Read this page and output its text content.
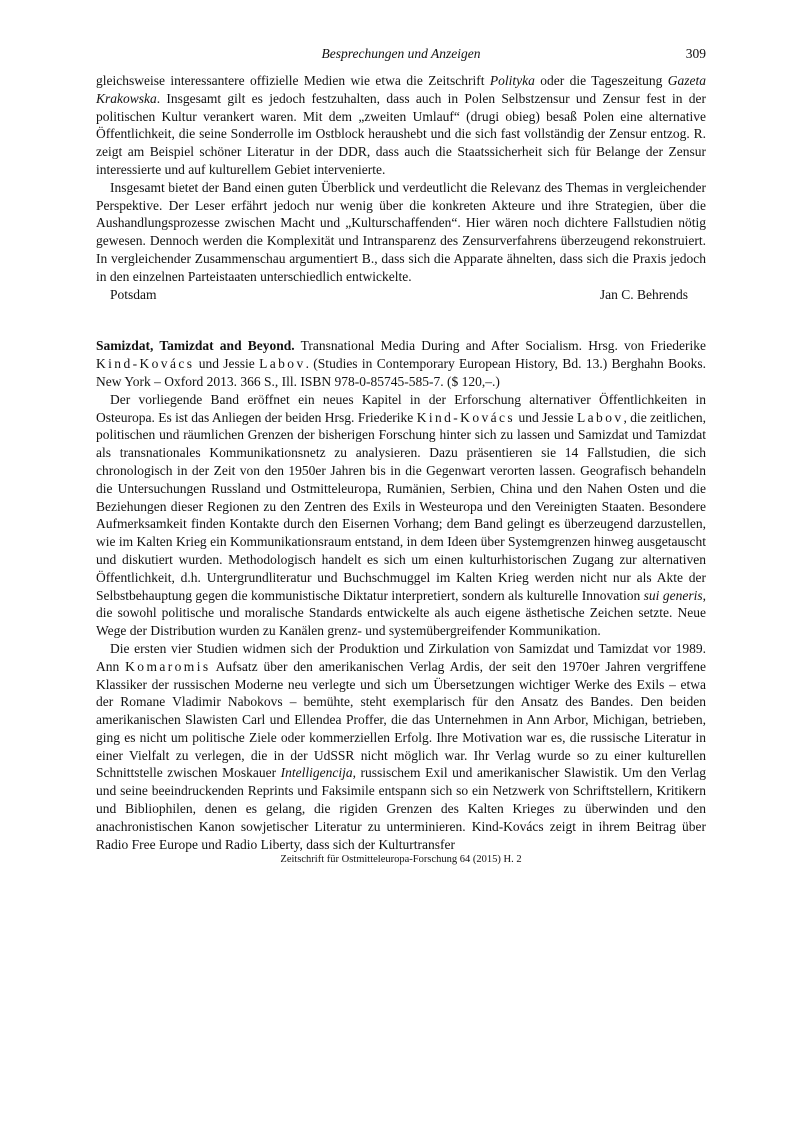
Besprechungen und Anzeigen	309

gleichsweise interessantere offizielle Medien wie etwa die Zeitschrift Polityka oder die Tageszeitung Gazeta Krakowska. Insgesamt gilt es jedoch festzuhalten, dass auch in Polen Selbstzensur und Zensur fest in der politischen Kultur verankert waren. Mit dem „zweiten Umlauf“ (drugi obieg) besaß Polen eine alternative Öffentlichkeit, die seine Sonderrolle im Ostblock heraushebt und die sich fast vollständig der Zensur entzog. R. zeigt am Beispiel schöner Literatur in der DDR, dass auch die Staatssicherheit sich für Belange der Zensur interessierte und auf kulturellem Gebiet intervenierte.

Insgesamt bietet der Band einen guten Überblick und verdeutlicht die Relevanz des Themas in vergleichender Perspektive. Der Leser erfährt jedoch nur wenig über die konkreten Akteure und ihre Strategien, über die Aushandlungsprozesse zwischen Macht und „Kulturschaffenden“. Hier wären noch dichtere Fallstudien nötig gewesen. Dennoch werden die Komplexität und Intransparenz des Zensurverfahrens überzeugend rekonstruiert. In vergleichender Zusammenschau argumentiert B., dass sich die Apparate ähnelten, dass sich die Praxis jedoch in den einzelnen Parteistaaten unterschiedlich entwickelte.

Potsdam	Jan C. Behrends

Samizdat, Tamizdat and Beyond. Transnational Media During and After Socialism. Hrsg. von Friederike Kind-Kovács und Jessie Labov. (Studies in Contemporary European History, Bd. 13.) Berghahn Books. New York – Oxford 2013. 366 S., Ill. ISBN 978-0-85745-585-7. ($ 120,–.)

Der vorliegende Band eröffnet ein neues Kapitel in der Erforschung alternativer Öffentlichkeiten in Osteuropa. Es ist das Anliegen der beiden Hrsg. Friederike Kind-Kovács und Jessie Labov, die zeitlichen, politischen und räumlichen Grenzen der bisherigen Forschung hinter sich zu lassen und Samizdat und Tamizdat als transnationales Kommunikationsnetz zu analysieren. Dazu präsentieren sie 14 Fallstudien, die sich chronologisch in der Zeit von den 1950er Jahren bis in die Gegenwart verorten lassen. Geografisch behandeln die Untersuchungen Russland und Ostmitteleuropa, Rumänien, Serbien, China und den Nahen Osten und die Beziehungen dieser Regionen zu den Zentren des Exils in Westeuropa und den Vereinigten Staaten. Besondere Aufmerksamkeit finden Kontakte durch den Eisernen Vorhang; dem Band gelingt es überzeugend darzustellen, wie im Kalten Krieg ein Kommunikationsraum entstand, in dem Ideen über Systemgrenzen hinweg ausgetauscht und diskutiert wurden. Methodologisch handelt es sich um einen kulturhistorischen Zugang zur alternativen Öffentlichkeit, d.h. Untergrundliteratur und Buchschmuggel im Kalten Krieg werden nicht nur als Akte der Selbstbehauptung gegen die kommunistische Diktatur interpretiert, sondern als kulturelle Innovation sui generis, die sowohl politische und moralische Standards entwickelte als auch eigene ästhetische Zeichen setzte. Neue Wege der Distribution wurden zu Kanälen grenz- und systemübergreifender Kommunikation.

Die ersten vier Studien widmen sich der Produktion und Zirkulation von Samizdat und Tamizdat vor 1989. Ann Komaromis Aufsatz über den amerikanischen Verlag Ardis, der seit den 1970er Jahren vergriffene Klassiker der russischen Moderne neu verlegte und sich um Übersetzungen wichtiger Werke des Exils – etwa der Romane Vladimir Nabokovs – bemühte, steht exemplarisch für den Ansatz des Bandes. Den beiden amerikanischen Slawisten Carl und Ellendea Proffer, die das Unternehmen in Ann Arbor, Michigan, betrieben, ging es nicht um politische Ziele oder kommerziellen Erfolg. Ihre Motivation war es, die russische Literatur in einer Vielfalt zu verlegen, die in der UdSSR nicht möglich war. Ihr Verlag wurde so zu einer kulturellen Schnittstelle zwischen Moskauer Intelligencija, russischem Exil und amerikanischer Slawistik. Um den Verlag und seine beeindruckenden Reprints und Faksimile entspann sich so ein Netzwerk von Schriftstellern, Kritikern und Bibliophilen, denen es gelang, die rigiden Grenzen des Kalten Krieges zu überwinden und den anachronistischen Kanon sowjetischer Literatur zu unterminieren. Kind-Kovács zeigt in ihrem Beitrag über Radio Free Europe und Radio Liberty, dass sich der Kulturtransfer

Zeitschrift für Ostmitteleuropa-Forschung 64 (2015) H. 2
